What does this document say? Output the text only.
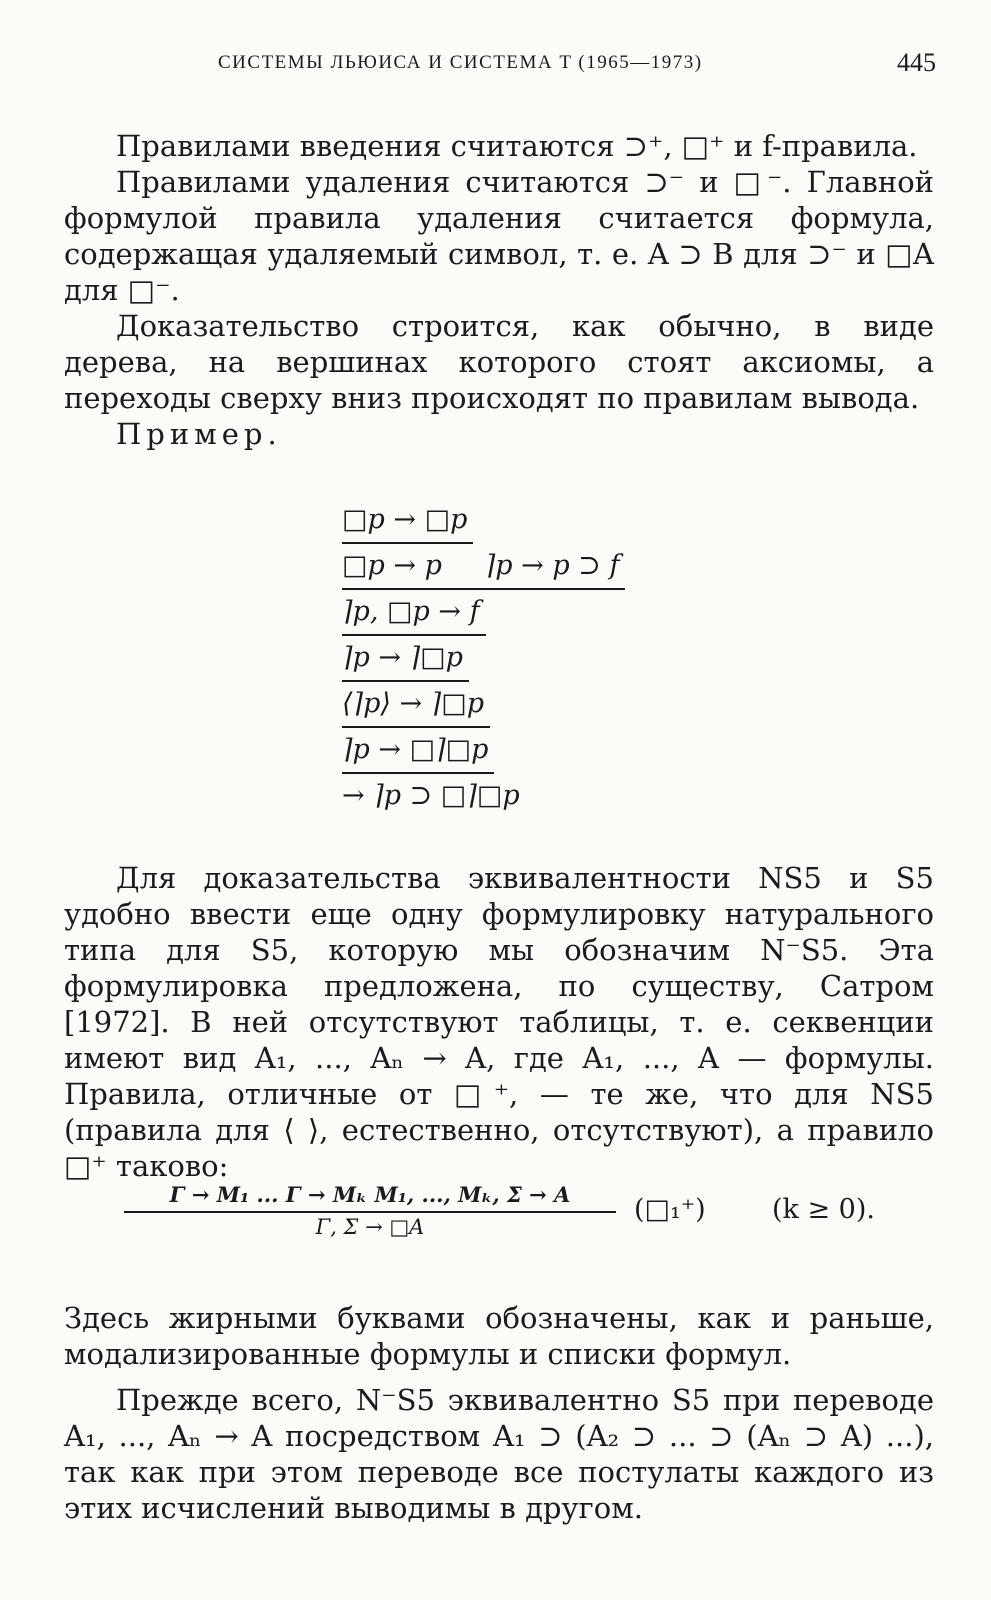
СИСТЕМЫ ЛЬЮИСА И СИСТЕМА T (1965—1973)	445

Правилами введения считаются ⊃⁺, □⁺ и f-правила.

Правилами удаления считаются ⊃⁻ и □⁻. Главной формулой правила удаления считается формула, содержащая удаляемый символ, т. е. A ⊃ B для ⊃⁻ и □A для □⁻.

Доказательство строится, как обычно, в виде дерева, на вершинах которого стоят аксиомы, а переходы сверху вниз происходят по правилам вывода.

Пример.

□p → □p
□p → p     ⌉p → p ⊃ f
⌉p, □p → f
⌉p → ⌉□p
⟨⌉p⟩ → ⌉□p
⌉p → □⌉□p
→ ⌉p ⊃ □⌉□p

Для доказательства эквивалентности NS5 и S5 удобно ввести еще одну формулировку натурального типа для S5, которую мы обозначим N⁻S5. Эта формулировка предложена, по существу, Сатром [1972]. В ней отсутствуют таблицы, т. е. секвенции имеют вид A₁, ..., Aₙ → A, где A₁, ..., A — формулы. Правила, отличные от □⁺, — те же, что для NS5 (правила для ⟨ ⟩, естественно, отсутствуют), а правило □⁺ таково:

$\frac{\text{Γ → M₁ ... Γ → Mₖ M₁, ..., Mₖ, Σ → A}}{\Gamma, \Sigma \to □A}$ (□₁⁺) (k ≥ 0).

Здесь жирными буквами обозначены, как и раньше, модализированные формулы и списки формул.

Прежде всего, N⁻S5 эквивалентно S5 при переводе A₁, ..., Aₙ → A посредством A₁ ⊃ (A₂ ⊃ ... ⊃ (Aₙ ⊃ A) ...), так как при этом переводе все постулаты каждого из этих исчислений выводимы в другом.
